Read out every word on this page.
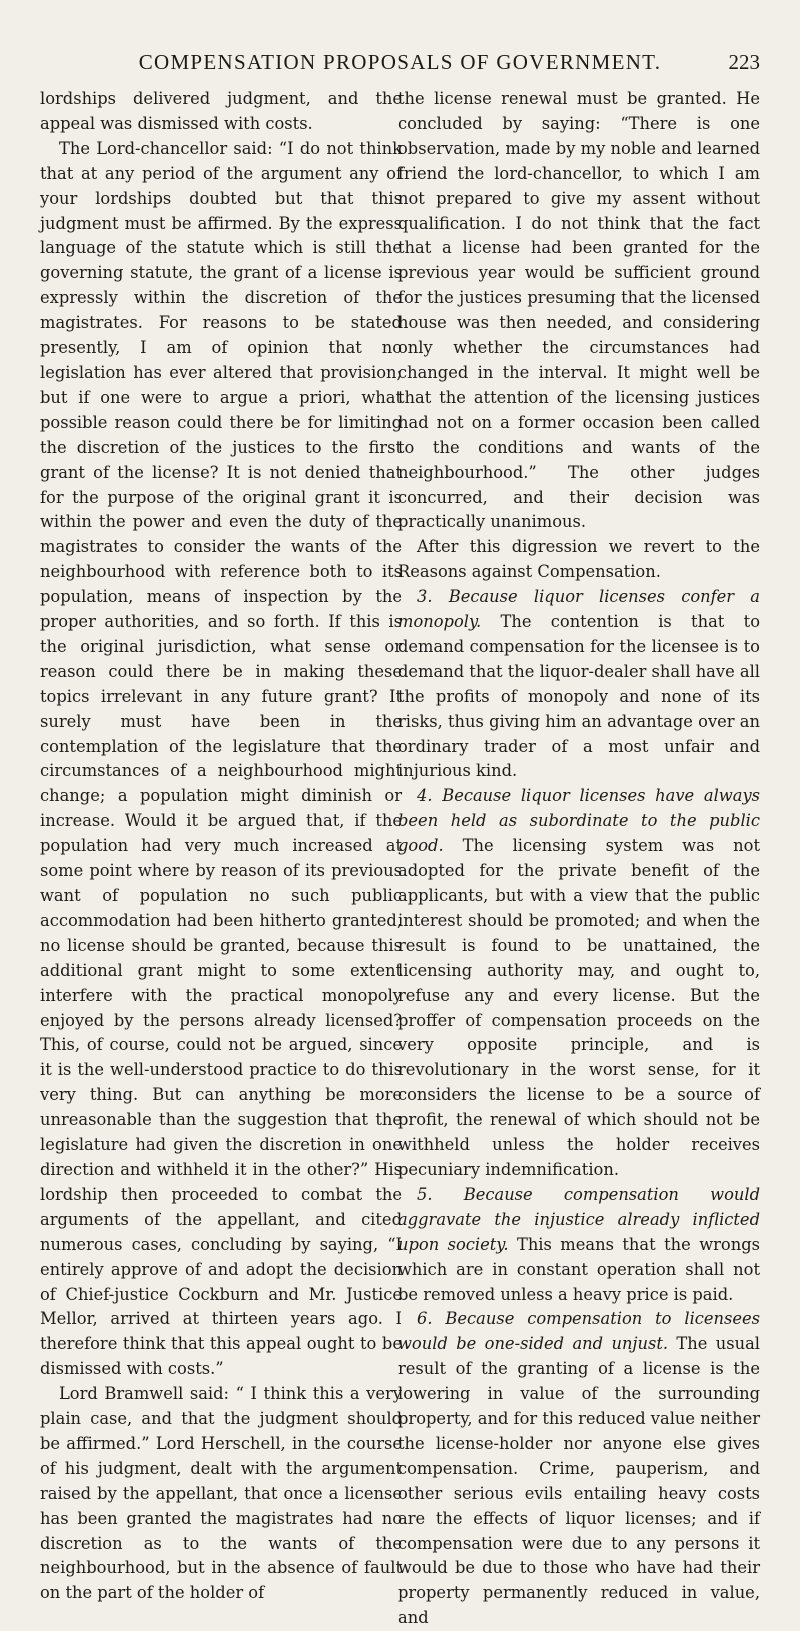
COMPENSATION PROPOSALS OF GOVERNMENT.	223

lordships delivered judgment, and the appeal was dismissed with costs.

The Lord-chancellor said: “I do not think that at any period of the argument any of your lordships doubted but that this judgment must be affirmed. By the express language of the statute which is still the governing statute, the grant of a license is expressly within the discretion of the magistrates. For reasons to be stated presently, I am of opinion that no legislation has ever altered that provision; but if one were to argue a priori, what possible reason could there be for limiting the discretion of the justices to the first grant of the license? It is not denied that for the purpose of the original grant it is within the power and even the duty of the magistrates to consider the wants of the neighbourhood with reference both to its population, means of inspection by the proper authorities, and so forth. If this is the original jurisdiction, what sense or reason could there be in making these topics irrelevant in any future grant? It surely must have been in the contemplation of the legislature that the circumstances of a neighbourhood might change; a population might diminish or increase. Would it be argued that, if the population had very much increased at some point where by reason of its previous want of population no such public accommodation had been hitherto granted, no license should be granted, because this additional grant might to some extent interfere with the practical monopoly enjoyed by the persons already licensed? This, of course, could not be argued, since it is the well-understood practice to do this very thing. But can anything be more unreasonable than the suggestion that the legislature had given the discretion in one direction and withheld it in the other?” His lordship then proceeded to combat the arguments of the appellant, and cited numerous cases, concluding by saying, “I entirely approve of and adopt the decision of Chief-justice Cockburn and Mr. Justice Mellor, arrived at thirteen years ago. I therefore think that this appeal ought to be dismissed with costs.”

Lord Bramwell said: “ I think this a very plain case, and that the judgment should be affirmed.” Lord Herschell, in the course of his judgment, dealt with the argument raised by the appellant, that once a license has been granted the magistrates had no discretion as to the wants of the neighbourhood, but in the absence of fault on the part of the holder of

the license renewal must be granted. He concluded by saying: “There is one observation, made by my noble and learned friend the lord-chancellor, to which I am not prepared to give my assent without qualification. I do not think that the fact that a license had been granted for the previous year would be sufficient ground for the justices presuming that the licensed house was then needed, and considering only whether the circumstances had changed in the interval. It might well be that the attention of the licensing justices had not on a former occasion been called to the conditions and wants of the neighbourhood.” The other judges concurred, and their decision was practically unanimous.

After this digression we revert to the Reasons against Compensation.

3. Because liquor licenses confer a monopoly. The contention is that to demand compensation for the licensee is to demand that the liquor-dealer shall have all the profits of monopoly and none of its risks, thus giving him an advantage over an ordinary trader of a most unfair and injurious kind.

4. Because liquor licenses have always been held as subordinate to the public good. The licensing system was not adopted for the private benefit of the applicants, but with a view that the public interest should be promoted; and when the result is found to be unattained, the licensing authority may, and ought to, refuse any and every license. But the proffer of compensation proceeds on the very opposite principle, and is revolutionary in the worst sense, for it considers the license to be a source of profit, the renewal of which should not be withheld unless the holder receives pecuniary indemnification.

5. Because compensation would aggravate the injustice already inflicted upon society. This means that the wrongs which are in constant operation shall not be removed unless a heavy price is paid.

6. Because compensation to licensees would be one-sided and unjust. The usual result of the granting of a license is the lowering in value of the surrounding property, and for this reduced value neither the license-holder nor anyone else gives compensation. Crime, pauperism, and other serious evils entailing heavy costs are the effects of liquor licenses; and if compensation were due to any persons it would be due to those who have had their property permanently reduced in value, and
